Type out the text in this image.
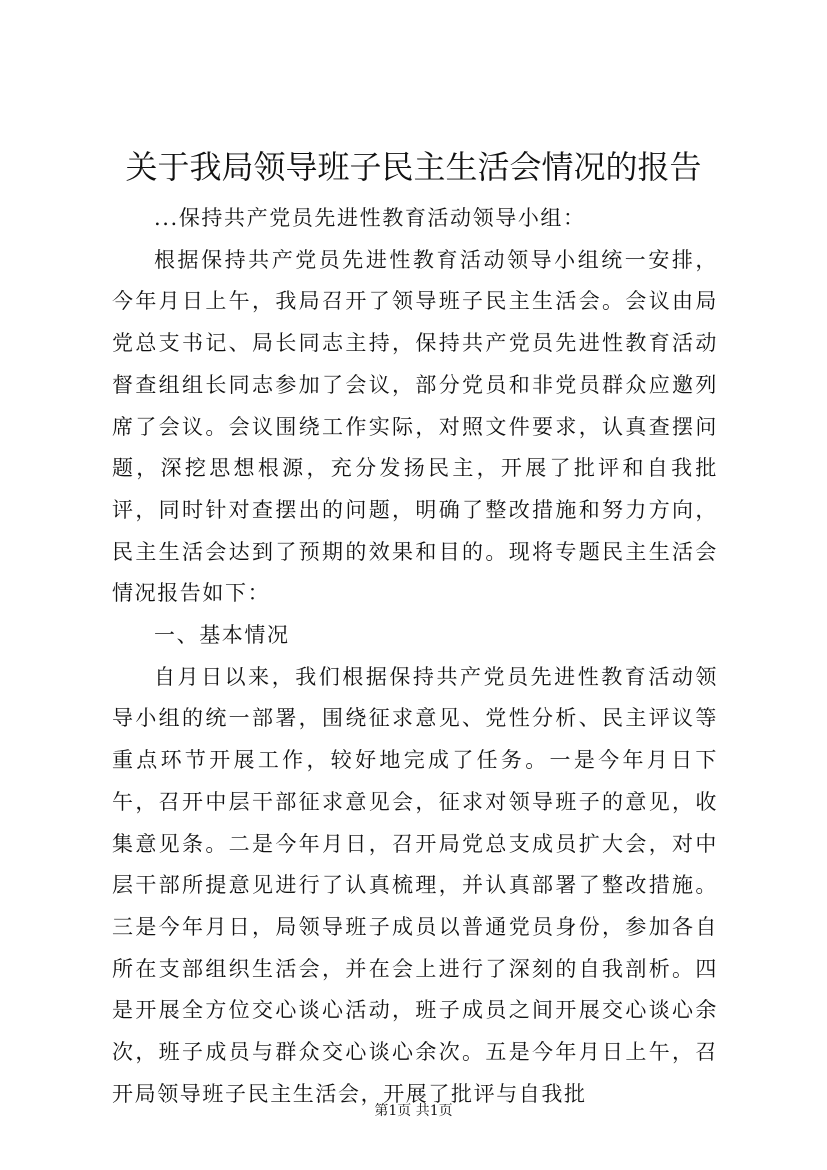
关于我局领导班子民主生活会情况的报告

...保持共产党员先进性教育活动领导小组：

根据保持共产党员先进性教育活动领导小组统一安排，今年月日上午，我局召开了领导班子民主生活会。会议由局党总支书记、局长同志主持，保持共产党员先进性教育活动督查组组长同志参加了会议，部分党员和非党员群众应邀列席了会议。会议围绕工作实际，对照文件要求，认真查摆问题，深挖思想根源，充分发扬民主，开展了批评和自我批评，同时针对查摆出的问题，明确了整改措施和努力方向，民主生活会达到了预期的效果和目的。现将专题民主生活会情况报告如下：

一、基本情况

自月日以来，我们根据保持共产党员先进性教育活动领导小组的统一部署，围绕征求意见、党性分析、民主评议等重点环节开展工作，较好地完成了任务。一是今年月日下午，召开中层干部征求意见会，征求对领导班子的意见，收集意见条。二是今年月日，召开局党总支成员扩大会，对中层干部所提意见进行了认真梳理，并认真部署了整改措施。三是今年月日，局领导班子成员以普通党员身份，参加各自所在支部组织生活会，并在会上进行了深刻的自我剖析。四是开展全方位交心谈心活动，班子成员之间开展交心谈心余次，班子成员与群众交心谈心余次。五是今年月日上午，召开局领导班子民主生活会，开展了批评与自我批

第1页 共1页
